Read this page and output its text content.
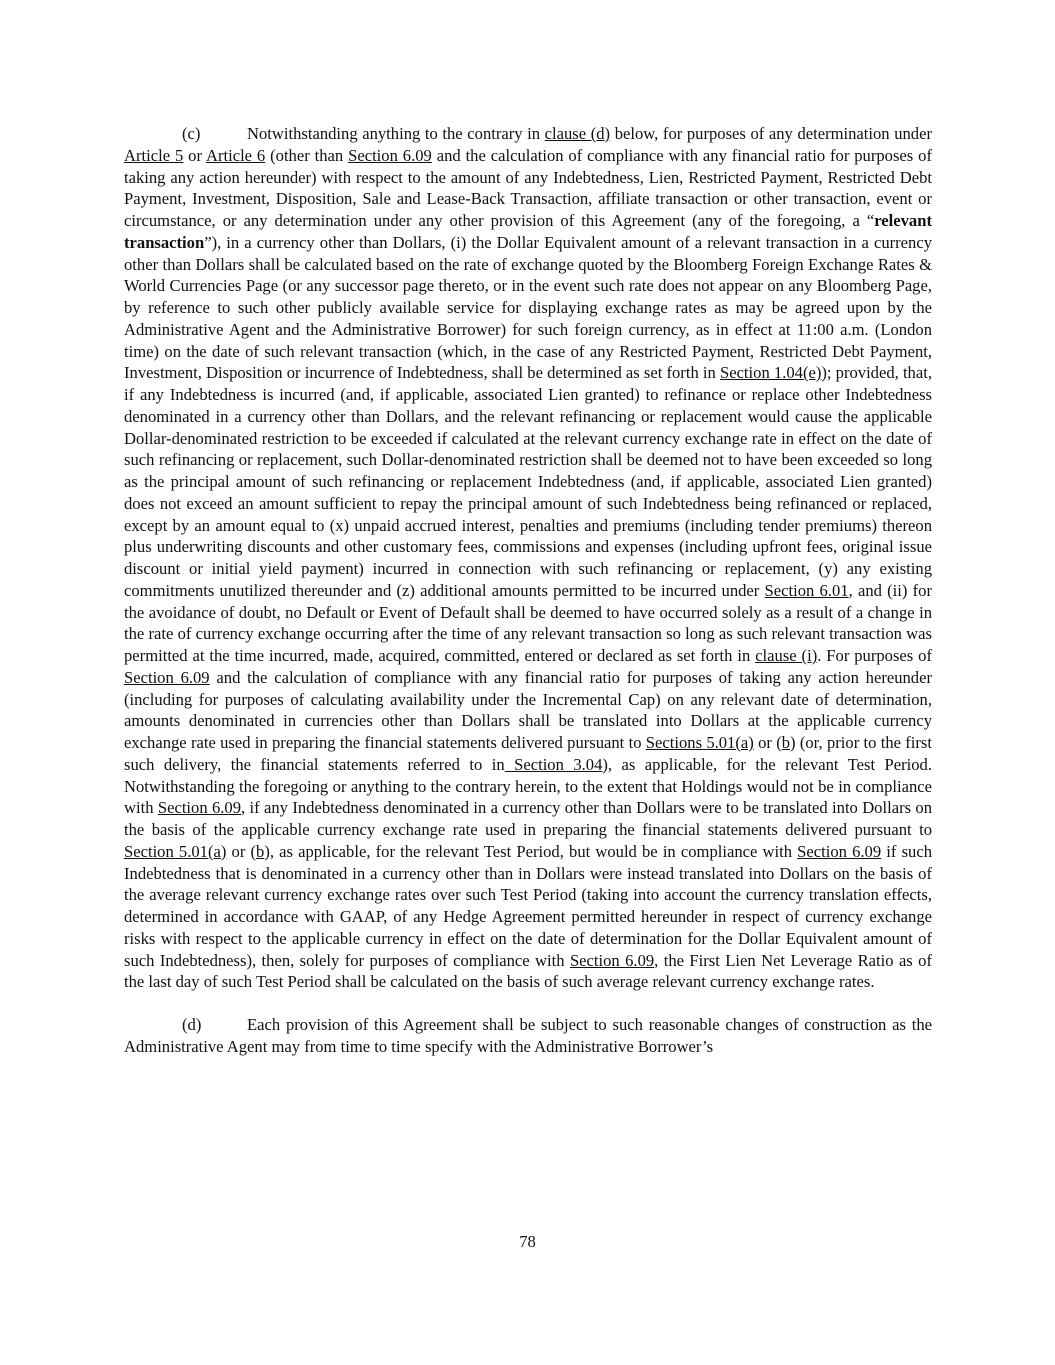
(c)	Notwithstanding anything to the contrary in clause (d) below, for purposes of any determination under Article 5 or Article 6 (other than Section 6.09 and the calculation of compliance with any financial ratio for purposes of taking any action hereunder) with respect to the amount of any Indebtedness, Lien, Restricted Payment, Restricted Debt Payment, Investment, Disposition, Sale and Lease-Back Transaction, affiliate transaction or other transaction, event or circumstance, or any determination under any other provision of this Agreement (any of the foregoing, a “relevant transaction”), in a currency other than Dollars, (i) the Dollar Equivalent amount of a relevant transaction in a currency other than Dollars shall be calculated based on the rate of exchange quoted by the Bloomberg Foreign Exchange Rates & World Currencies Page (or any successor page thereto, or in the event such rate does not appear on any Bloomberg Page, by reference to such other publicly available service for displaying exchange rates as may be agreed upon by the Administrative Agent and the Administrative Borrower) for such foreign currency, as in effect at 11:00 a.m. (London time) on the date of such relevant transaction (which, in the case of any Restricted Payment, Restricted Debt Payment, Investment, Disposition or incurrence of Indebtedness, shall be determined as set forth in Section 1.04(e)); provided, that, if any Indebtedness is incurred (and, if applicable, associated Lien granted) to refinance or replace other Indebtedness denominated in a currency other than Dollars, and the relevant refinancing or replacement would cause the applicable Dollar-denominated restriction to be exceeded if calculated at the relevant currency exchange rate in effect on the date of such refinancing or replacement, such Dollar-denominated restriction shall be deemed not to have been exceeded so long as the principal amount of such refinancing or replacement Indebtedness (and, if applicable, associated Lien granted) does not exceed an amount sufficient to repay the principal amount of such Indebtedness being refinanced or replaced, except by an amount equal to (x) unpaid accrued interest, penalties and premiums (including tender premiums) thereon plus underwriting discounts and other customary fees, commissions and expenses (including upfront fees, original issue discount or initial yield payment) incurred in connection with such refinancing or replacement, (y) any existing commitments unutilized thereunder and (z) additional amounts permitted to be incurred under Section 6.01, and (ii) for the avoidance of doubt, no Default or Event of Default shall be deemed to have occurred solely as a result of a change in the rate of currency exchange occurring after the time of any relevant transaction so long as such relevant transaction was permitted at the time incurred, made, acquired, committed, entered or declared as set forth in clause (i). For purposes of Section 6.09 and the calculation of compliance with any financial ratio for purposes of taking any action hereunder (including for purposes of calculating availability under the Incremental Cap) on any relevant date of determination, amounts denominated in currencies other than Dollars shall be translated into Dollars at the applicable currency exchange rate used in preparing the financial statements delivered pursuant to Sections 5.01(a) or (b) (or, prior to the first such delivery, the financial statements referred to in Section 3.04), as applicable, for the relevant Test Period. Notwithstanding the foregoing or anything to the contrary herein, to the extent that Holdings would not be in compliance with Section 6.09, if any Indebtedness denominated in a currency other than Dollars were to be translated into Dollars on the basis of the applicable currency exchange rate used in preparing the financial statements delivered pursuant to Section 5.01(a) or (b), as applicable, for the relevant Test Period, but would be in compliance with Section 6.09 if such Indebtedness that is denominated in a currency other than in Dollars were instead translated into Dollars on the basis of the average relevant currency exchange rates over such Test Period (taking into account the currency translation effects, determined in accordance with GAAP, of any Hedge Agreement permitted hereunder in respect of currency exchange risks with respect to the applicable currency in effect on the date of determination for the Dollar Equivalent amount of such Indebtedness), then, solely for purposes of compliance with Section 6.09, the First Lien Net Leverage Ratio as of the last day of such Test Period shall be calculated on the basis of such average relevant currency exchange rates.

(d)	Each provision of this Agreement shall be subject to such reasonable changes of construction as the Administrative Agent may from time to time specify with the Administrative Borrower’s

78
